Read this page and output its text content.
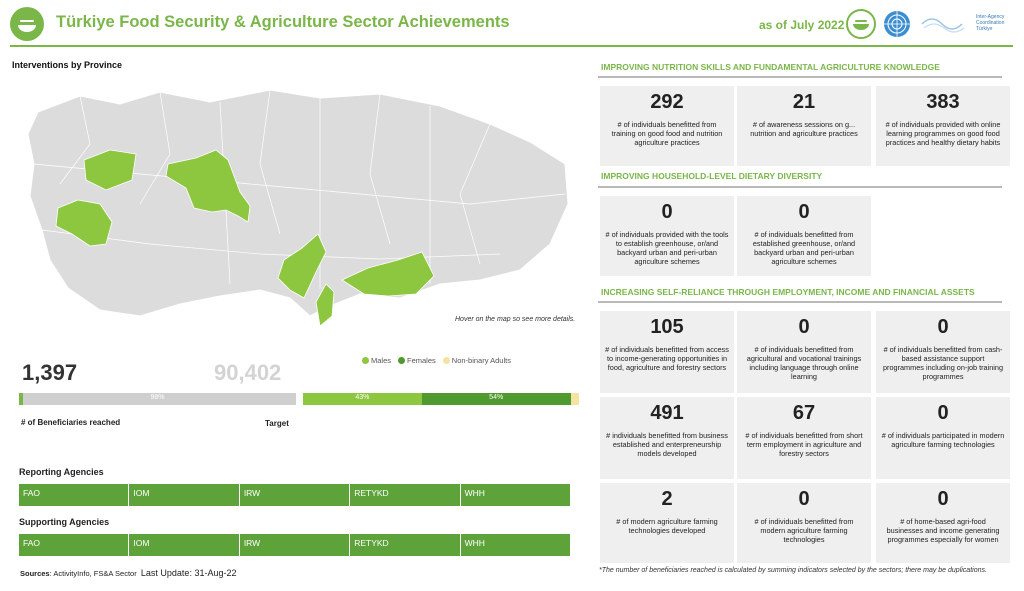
Türkiye Food Security & Agriculture Sector Achievements	as of July 2022
Inter-Agency Coordination Türkiye
Interventions by Province
Hover on the map so see more details.
1,397	90,402
98%
Males Females Non-binary Adults
43%	54%
# of Beneficiaries reached	Target
Reporting Agencies
FAO	IOM	IRW	RETYKD	WHH
Supporting Agencies
FAO	IOM	IRW	RETYKD	WHH
Sources: ActivityInfo, FS&A Sector Last Update: 31-Aug-22
IMPROVING NUTRITION SKILLS AND FUNDAMENTAL AGRICULTURE KNOWLEDGE
292
# of individuals benefitted from training on good food and nutrition agriculture practices
21
# of awareness sessions on g... nutrition and agriculture practices
383
# of individuals provided with online learning programmes on good food practices and healthy dietary habits
IMPROVING HOUSEHOLD-LEVEL DIETARY DIVERSITY
0
# of individuals provided with the tools to establish greenhouse, or/and backyard urban and peri-urban agriculture schemes
0
# of individuals benefitted from established greenhouse, or/and backyard urban and peri-urban agriculture schemes
INCREASING SELF-RELIANCE THROUGH EMPLOYMENT, INCOME AND FINANCIAL ASSETS
105
# of individuals benefitted from access to income-generating opportunities in food, agriculture and forestry sectors
0
# of individuals benefitted from agricultural and vocational trainings including language through online learning
0
# of individuals benefitted from cash-based assistance support programmes including on-job training programmes
491
# individuals benefitted from business established and enterpreneurship models developed
67
# of individuals benefitted from short term employment in agriculture and forestry sectors
0
# of individuals participated in modern agriculture farming technologies
2
# of modern agriculture farming technologies developed
0
# of individuals benefitted from modern agriculture farming technologies
0
# of home-based agri-food businesses and income generating programmes especially for women
*The number of beneficiaries reached is calculated by summing indicators selected by the sectors; there may be duplications.
